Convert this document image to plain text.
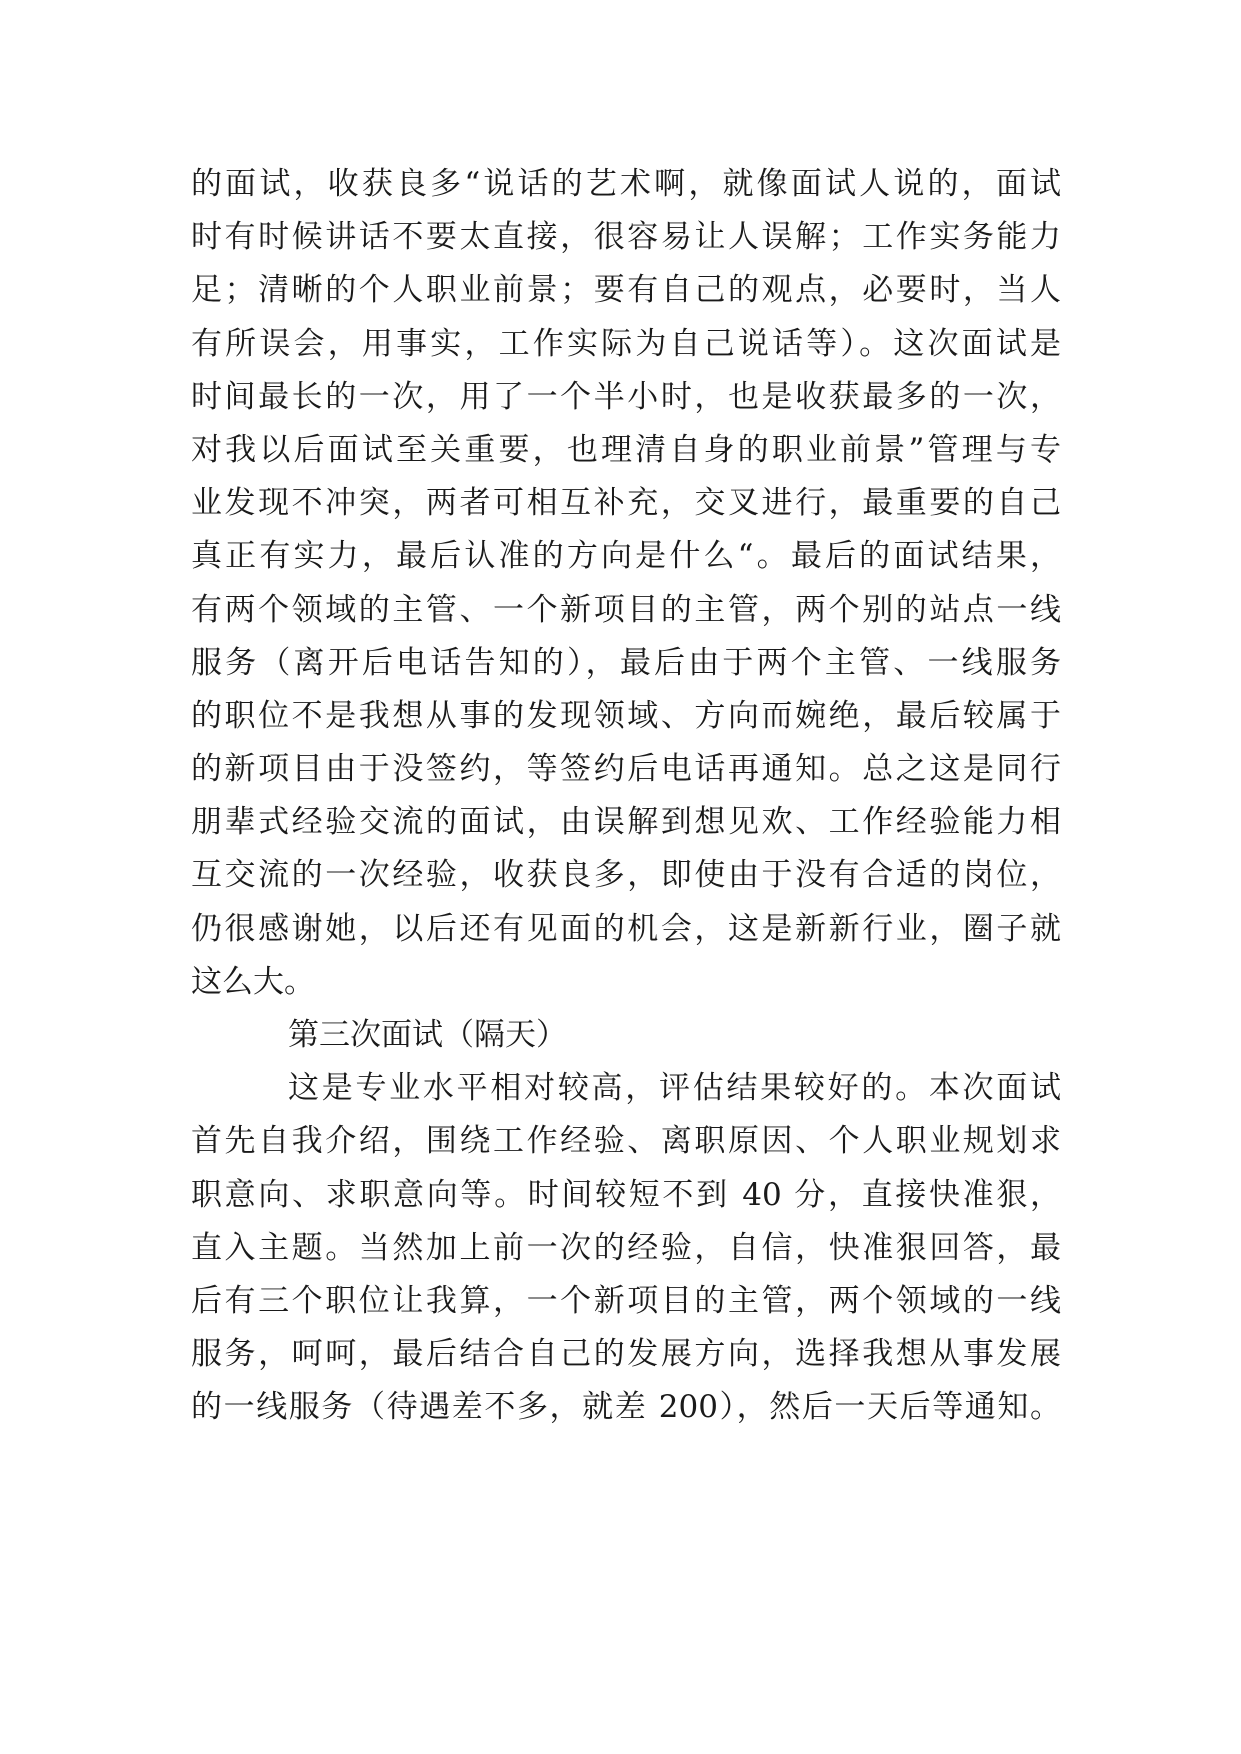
的面试，收获良多“说话的艺术啊，就像面试人说的，面试
时有时候讲话不要太直接，很容易让人误解；工作实务能力
足；清晰的个人职业前景；要有自己的观点，必要时，当人
有所误会，用事实，工作实际为自己说话等）。这次面试是
时间最长的一次，用了一个半小时，也是收获最多的一次，
对我以后面试至关重要，也理清自身的职业前景”管理与专
业发现不冲突，两者可相互补充，交叉进行，最重要的自己
真正有实力，最后认准的方向是什么“。最后的面试结果，
有两个领域的主管、一个新项目的主管，两个别的站点一线
服务（离开后电话告知的），最后由于两个主管、一线服务
的职位不是我想从事的发现领域、方向而婉绝，最后较属于
的新项目由于没签约，等签约后电话再通知。总之这是同行
朋辈式经验交流的面试，由误解到想见欢、工作经验能力相
互交流的一次经验，收获良多，即使由于没有合适的岗位，
仍很感谢她，以后还有见面的机会，这是新新行业，圈子就
这么大。
第三次面试（隔天）
这是专业水平相对较高，评估结果较好的。本次面试
首先自我介绍，围绕工作经验、离职原因、个人职业规划求
职意向、求职意向等。时间较短不到 40 分，直接快准狠，
直入主题。当然加上前一次的经验，自信，快准狠回答，最
后有三个职位让我算，一个新项目的主管，两个领域的一线
服务，呵呵，最后结合自己的发展方向，选择我想从事发展
的一线服务（待遇差不多，就差 200），然后一天后等通知。
